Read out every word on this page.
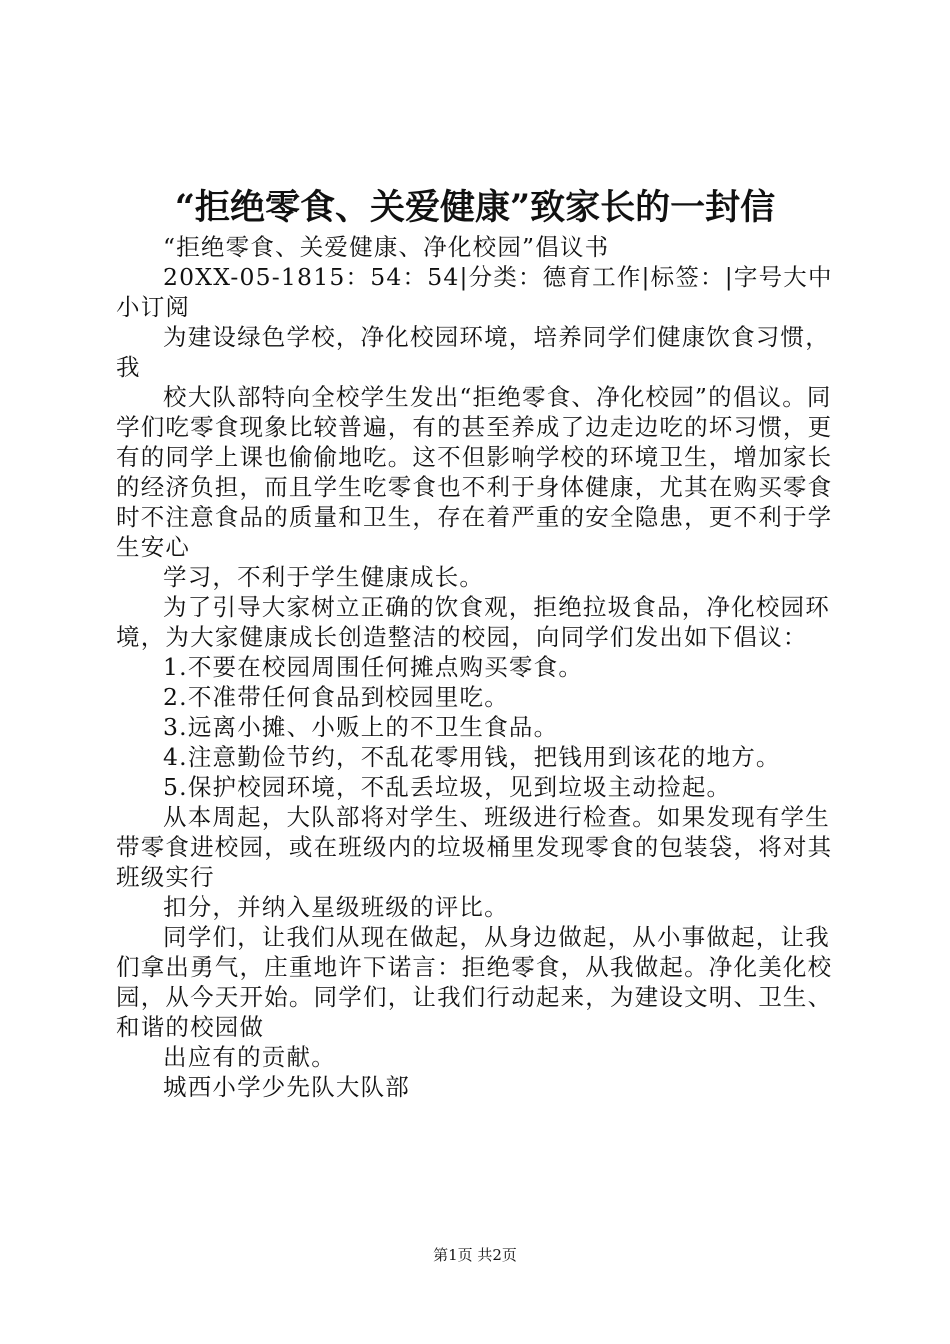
“拒绝零食、关爱健康”致家长的一封信

“拒绝零食、关爱健康、净化校园”倡议书

20XX-05-1815：54：54|分类：德育工作|标签：|字号大中小订阅

为建设绿色学校，净化校园环境，培养同学们健康饮食习惯，我

校大队部特向全校学生发出“拒绝零食、净化校园”的倡议。同学们吃零食现象比较普遍，有的甚至养成了边走边吃的坏习惯，更有的同学上课也偷偷地吃。这不但影响学校的环境卫生，增加家长的经济负担，而且学生吃零食也不利于身体健康，尤其在购买零食时不注意食品的质量和卫生，存在着严重的安全隐患，更不利于学生安心

学习，不利于学生健康成长。

为了引导大家树立正确的饮食观，拒绝拉圾食品，净化校园环境，为大家健康成长创造整洁的校园，向同学们发出如下倡议：

1.不要在校园周围任何摊点购买零食。

2.不准带任何食品到校园里吃。

3.远离小摊、小贩上的不卫生食品。

4.注意勤俭节约，不乱花零用钱，把钱用到该花的地方。

5.保护校园环境，不乱丢垃圾，见到垃圾主动捡起。

从本周起，大队部将对学生、班级进行检查。如果发现有学生带零食进校园，或在班级内的垃圾桶里发现零食的包装袋，将对其班级实行

扣分，并纳入星级班级的评比。

同学们，让我们从现在做起，从身边做起，从小事做起，让我们拿出勇气，庄重地许下诺言：拒绝零食，从我做起。净化美化校园，从今天开始。同学们，让我们行动起来，为建设文明、卫生、和谐的校园做

出应有的贡献。

城西小学少先队大队部

第1页 共2页
